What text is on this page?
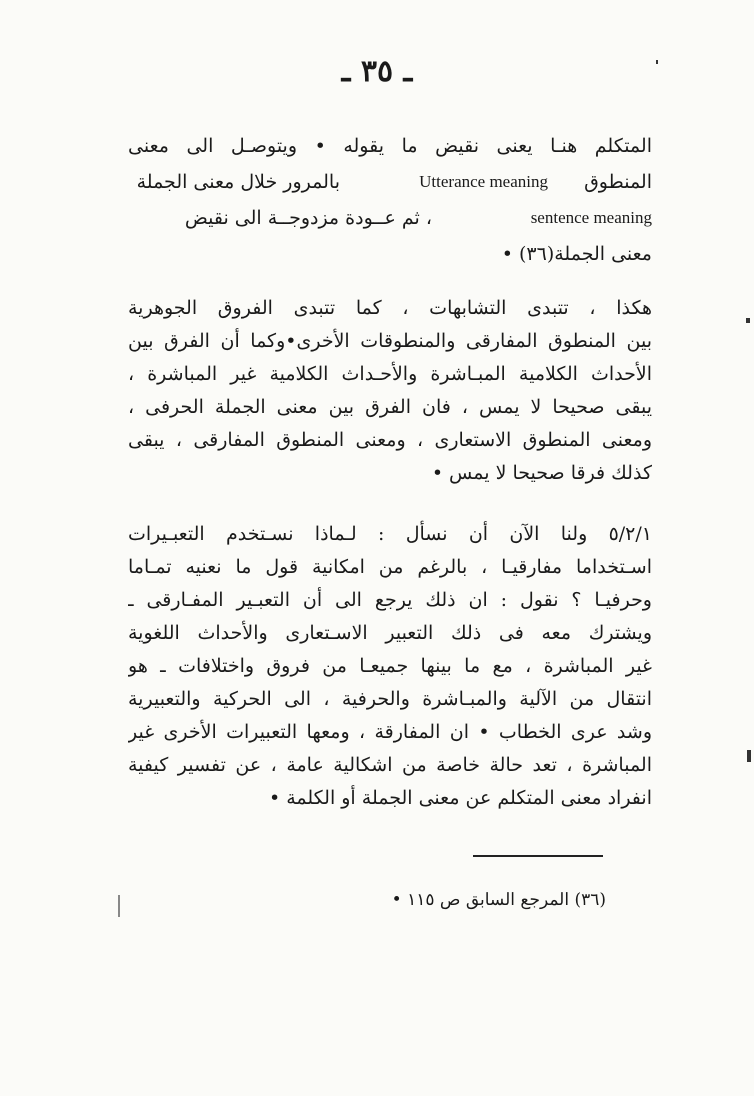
ـ ٣٥ ـ
المتكلم هنـا يعنى نقيض ما يقوله • ويتوصـل الى معنى
المنطوق
Utterance meaning
بالمرور خلال معنى الجملة
sentence meaning
، ثم عــودة مزدوجــة الى نقيض
معنى الجملة(٣٦) •
هكذا ، تتبدى التشابهات ، كما تتبدى الفروق الجوهرية
بين المنطوق المفارقى والمنطوقات الأخرى•وكما أن الفرق بين
الأحداث الكلامية المبـاشرة والأحـداث الكلامية غير المباشرة ،
يبقى صحيحا لا يمس ، فان الفرق بين معنى الجملة الحرفى ،
ومعنى المنطوق الاستعارى ، ومعنى المنطوق المفارقى ، يبقى
كذلك فرقا صحيحا لا يمس •
٥/٢/١ ولنا الآن أن نسأل : لـماذا نسـتخدم التعبـيرات
اسـتخداما مفارقيـا ، بالرغم من امكانية قول ما نعنيه تمـاما
وحرفيـا ؟ نقول : ان ذلك يرجع الى أن التعبـير المفـارقى ـ
ويشترك معه فى ذلك التعبير الاسـتعارى والأحداث اللغوية
غير المباشرة ، مع ما بينها جميعـا من فروق واختلافات ـ هو
انتقال من الآلية والمبـاشرة والحرفية ، الى الحركية والتعبيرية
وشد عرى الخطاب • ان المفارقة ، ومعها التعبيرات الأخرى غير
المباشرة ، تعد حالة خاصة من اشكالية عامة ، عن تفسير كيفية
انفراد معنى المتكلم عن معنى الجملة أو الكلمة •
(٣٦) المرجع السابق ص ١١٥ •
